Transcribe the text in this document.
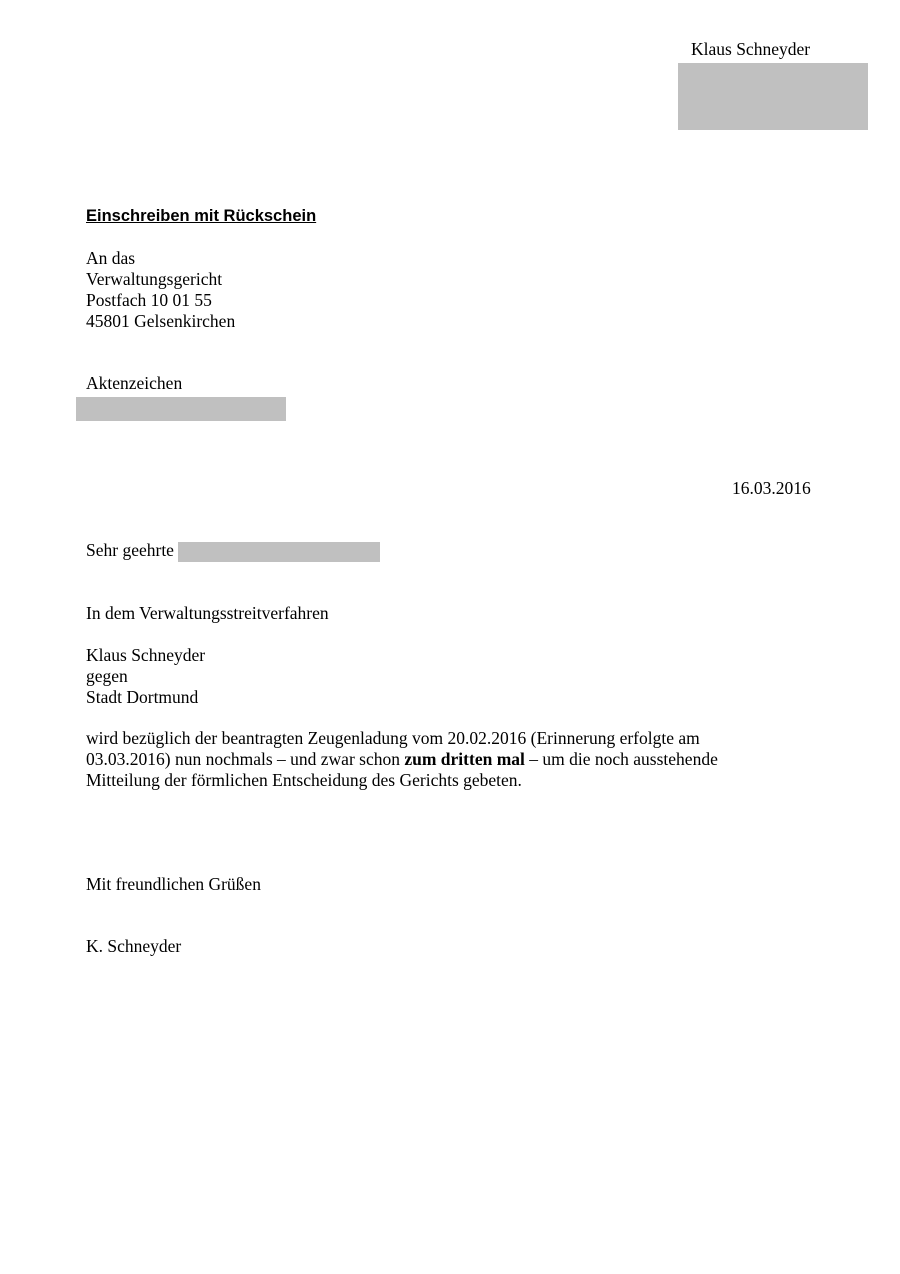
Klaus Schneyder
Einschreiben mit Rückschein
An das
Verwaltungsgericht
Postfach 10 01 55
45801 Gelsenkirchen
Aktenzeichen
16.03.2016
Sehr geehrte
In dem Verwaltungsstreitverfahren
Klaus Schneyder
gegen
Stadt Dortmund
wird bezüglich der beantragten Zeugenladung vom 20.02.2016 (Erinnerung erfolgte am
03.03.2016) nun nochmals – und zwar schon zum dritten mal – um die noch ausstehende
Mitteilung der förmlichen Entscheidung des Gerichts gebeten.
Mit freundlichen Grüßen
K. Schneyder
